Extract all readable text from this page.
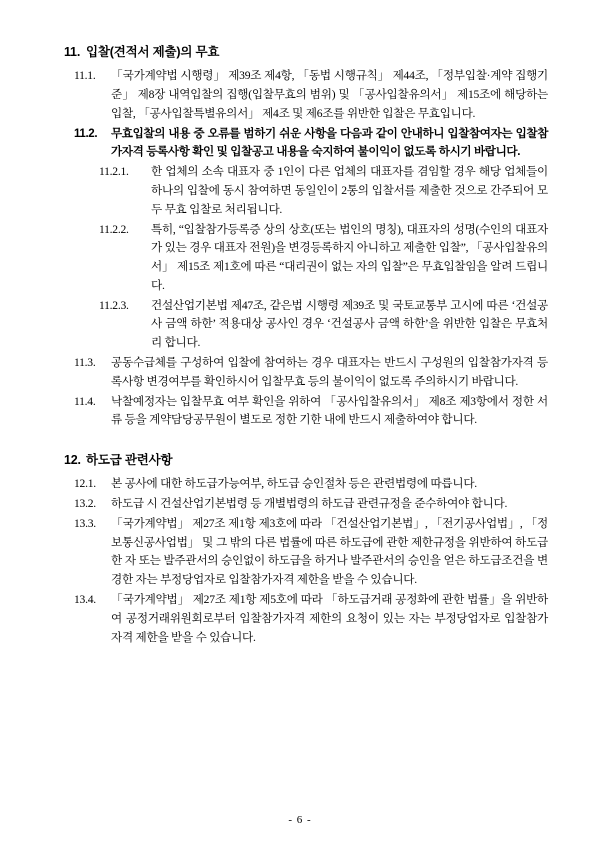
11. 입찰(견적서 제출)의 무효
11.1.	「국가계약법 시행령」 제39조 제4항, 「동법 시행규칙」 제44조, 「정부입찰·계약 집행기준」 제8장 내역입찰의 집행(입찰무효의 범위) 및 「공사입찰유의서」 제15조에 해당하는 입찰, 「공사입찰특별유의서」 제4조 및 제6조를 위반한 입찰은 무효입니다.
11.2.	무효입찰의 내용 중 오류를 범하기 쉬운 사항을 다음과 같이 안내하니 입찰참여자는 입찰참가자격 등록사항 확인 및 입찰공고 내용을 숙지하여 불이익이 없도록 하시기 바랍니다.
11.2.1.	한 업체의 소속 대표자 중 1인이 다른 업체의 대표자를 겸임할 경우 해당 업체들이 하나의 입찰에 동시 참여하면 동일인이 2통의 입찰서를 제출한 것으로 간주되어 모두 무효 입찰로 처리됩니다.
11.2.2.	특히, “입찰참가등록증 상의 상호(또는 법인의 명칭), 대표자의 성명(수인의 대표자가 있는 경우 대표자 전원)을 변경등록하지 아니하고 제출한 입찰”, 「공사입찰유의서」 제15조 제1호에 따른 “대리권이 없는 자의 입찰”은 무효입찰임을 알려 드립니다.
11.2.3.	건설산업기본법 제47조, 같은법 시행령 제39조 및 국토교통부 고시에 따른 ‘건설공사 금액 하한’ 적용대상 공사인 경우 ‘건설공사 금액 하한’을 위반한 입찰은 무효처리 합니다.
11.3.	공동수급체를 구성하여 입찰에 참여하는 경우 대표자는 반드시 구성원의 입찰참가자격 등록사항 변경여부를 확인하시어 입찰무효 등의 불이익이 없도록 주의하시기 바랍니다.
11.4.	낙찰예정자는 입찰무효 여부 확인을 위하여 「공사입찰유의서」 제8조 제3항에서 정한 서류 등을 계약담당공무원이 별도로 정한 기한 내에 반드시 제출하여야 합니다.
12. 하도급 관련사항
12.1.	본 공사에 대한 하도급가능여부, 하도급 승인절차 등은 관련법령에 따릅니다.
13.2.	하도급 시 건설산업기본법령 등 개별법령의 하도급 관련규정을 준수하여야 합니다.
13.3.	「국가계약법」 제27조 제1항 제3호에 따라 「건설산업기본법」, 「전기공사업법」, 「정보통신공사업법」 및 그 밖의 다른 법률에 따른 하도급에 관한 제한규정을 위반하여 하도급한 자 또는 발주관서의 승인없이 하도급을 하거나 발주관서의 승인을 얻은 하도급조건을 변경한 자는 부정당업자로 입찰참가자격 제한을 받을 수 있습니다.
13.4.	「국가계약법」 제27조 제1항 제5호에 따라 「하도급거래 공정화에 관한 법률」을 위반하여 공정거래위원회로부터 입찰참가자격 제한의 요청이 있는 자는 부정당업자로 입찰참가자격 제한을 받을 수 있습니다.
- 6 -
